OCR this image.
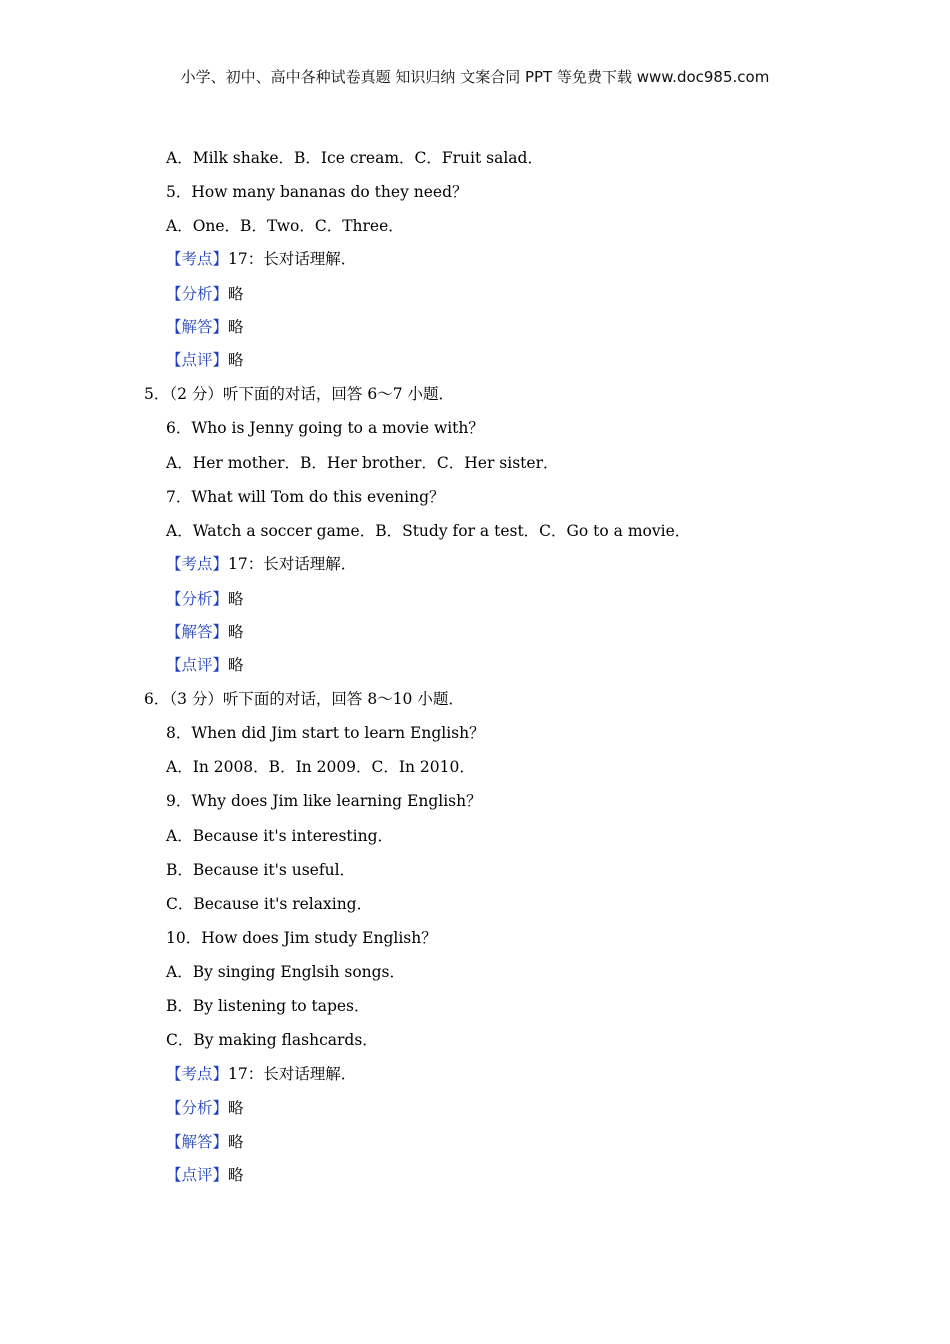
小学、初中、高中各种试卷真题 知识归纳 文案合同 PPT 等免费下载 www.doc985.com
A．Milk shake．B．Ice cream．C．Fruit salad．
5．How many bananas do they need？
A．One．B．Two．C．Three．
【考点】17：长对话理解．
【分析】略
【解答】略
【点评】略
5．（2 分）听下面的对话，回答 6～7 小题．
6．Who is Jenny going to a movie with？
A．Her mother．B．Her brother．C．Her sister．
7．What will Tom do this evening？
A．Watch a soccer game．B．Study for a test．C．Go to a movie．
【考点】17：长对话理解．
【分析】略
【解答】略
【点评】略
6．（3 分）听下面的对话，回答 8～10 小题．
8．When did Jim start to learn English？
A．In 2008．B．In 2009．C．In 2010．
9．Why does Jim like learning English？
A．Because it's interesting．
B．Because it's useful．
C．Because it's relaxing．
10．How does Jim study English？
A．By singing Englsih songs．
B．By listening to tapes．
C．By making flashcards．
【考点】17：长对话理解．
【分析】略
【解答】略
【点评】略
